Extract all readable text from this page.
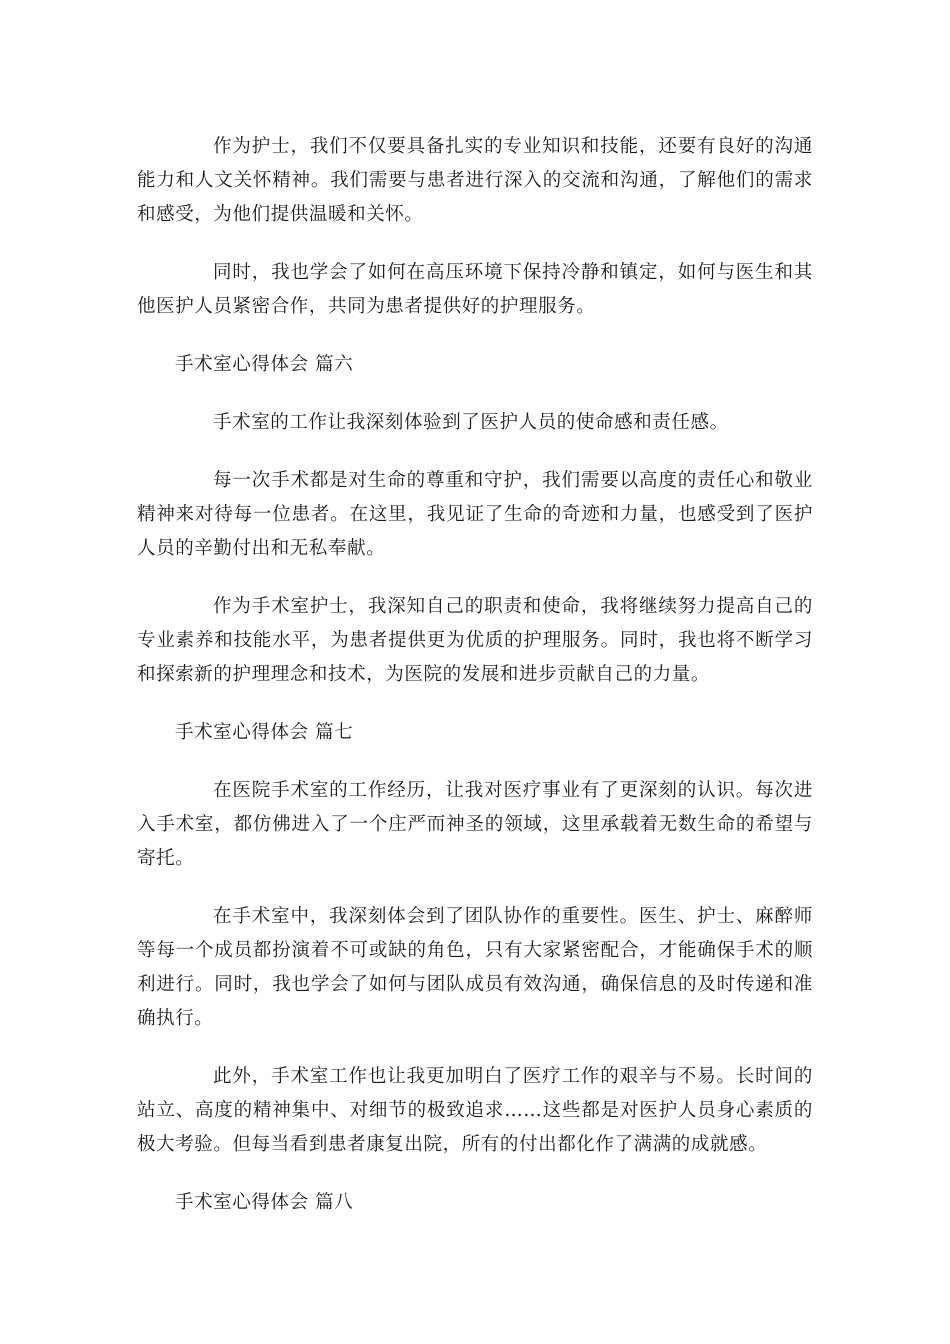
作为护士，我们不仅要具备扎实的专业知识和技能，还要有良好的沟通能力和人文关怀精神。我们需要与患者进行深入的交流和沟通，了解他们的需求和感受，为他们提供温暖和关怀。

同时，我也学会了如何在高压环境下保持冷静和镇定，如何与医生和其他医护人员紧密合作，共同为患者提供好的护理服务。

手术室心得体会 篇六

手术室的工作让我深刻体验到了医护人员的使命感和责任感。

每一次手术都是对生命的尊重和守护，我们需要以高度的责任心和敬业精神来对待每一位患者。在这里，我见证了生命的奇迹和力量，也感受到了医护人员的辛勤付出和无私奉献。

作为手术室护士，我深知自己的职责和使命，我将继续努力提高自己的专业素养和技能水平，为患者提供更为优质的护理服务。同时，我也将不断学习和探索新的护理理念和技术，为医院的发展和进步贡献自己的力量。

手术室心得体会 篇七

在医院手术室的工作经历，让我对医疗事业有了更深刻的认识。每次进入手术室，都仿佛进入了一个庄严而神圣的领域，这里承载着无数生命的希望与寄托。

在手术室中，我深刻体会到了团队协作的重要性。医生、护士、麻醉师等每一个成员都扮演着不可或缺的角色，只有大家紧密配合，才能确保手术的顺利进行。同时，我也学会了如何与团队成员有效沟通，确保信息的及时传递和准确执行。

此外，手术室工作也让我更加明白了医疗工作的艰辛与不易。长时间的站立、高度的精神集中、对细节的极致追求……这些都是对医护人员身心素质的极大考验。但每当看到患者康复出院，所有的付出都化作了满满的成就感。

手术室心得体会 篇八
